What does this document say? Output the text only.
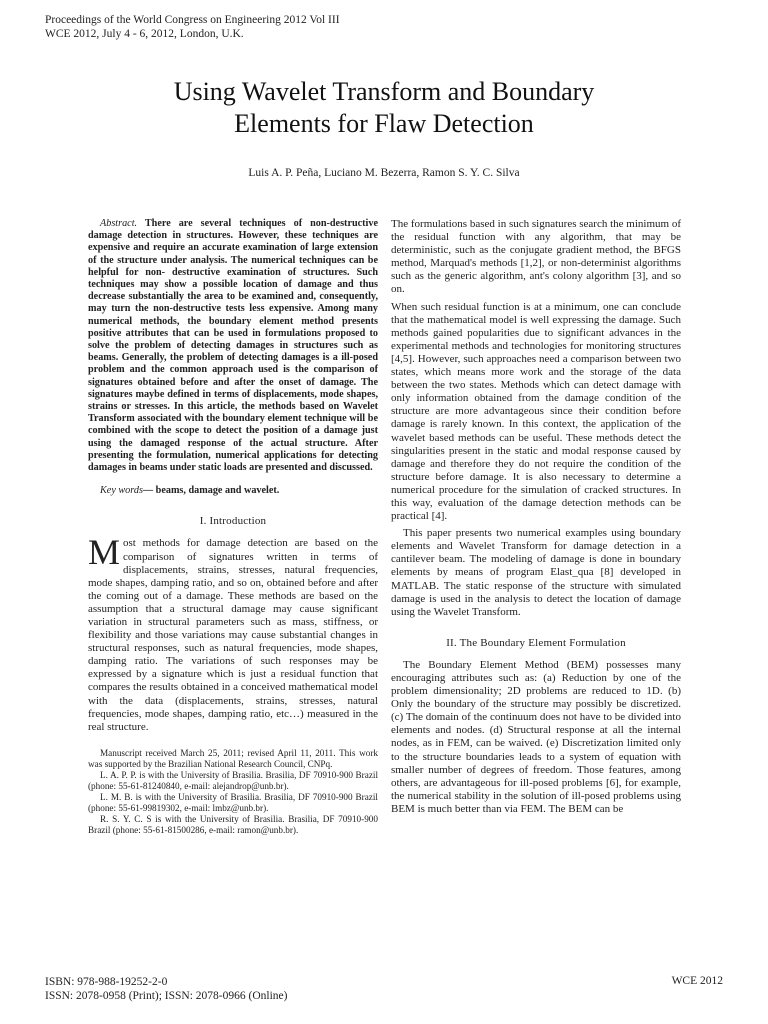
Proceedings of the World Congress on Engineering 2012 Vol III
WCE 2012, July 4 - 6, 2012, London, U.K.
Using Wavelet Transform and Boundary
Elements for Flaw Detection
Luis A. P. Peña, Luciano M. Bezerra, Ramon S. Y. C. Silva

Abstract. There are several techniques of non-destructive damage detection in structures. However, these techniques are expensive and require an accurate examination of large extension of the structure under analysis. The numerical techniques can be helpful for non- destructive examination of structures. Such techniques may show a possible location of damage and thus decrease substantially the area to be examined and, consequently, may turn the non-destructive tests less expensive. Among many numerical methods, the boundary element method presents positive attributes that can be used in formulations proposed to solve the problem of detecting damages in structures such as beams. Generally, the problem of detecting damages is a ill-posed problem and the common approach used is the comparison of signatures obtained before and after the onset of damage. The signatures maybe defined in terms of displacements, mode shapes, strains or stresses. In this article, the methods based on Wavelet Transform associated with the boundary element technique will be combined with the scope to detect the position of a damage just using the damaged response of the actual structure. After presenting the formulation, numerical applications for detecting damages in beams under static loads are presented and discussed.

Key words— beams, damage and wavelet.

I. Introduction

Most methods for damage detection are based on the comparison of signatures written in terms of displacements, strains, stresses, natural frequencies, mode shapes, damping ratio, and so on, obtained before and after the coming out of a damage. These methods are based on the assumption that a structural damage may cause significant variation in structural parameters such as mass, stiffness, or flexibility and those variations may cause substantial changes in structural responses, such as natural frequencies, mode shapes, damping ratio. The variations of such responses may be expressed by a signature which is just a residual function that compares the results obtained in a conceived mathematical model with the data (displacements, strains, stresses, natural frequencies, mode shapes, damping ratio, etc…) measured in the real structure.

Manuscript received March 25, 2011; revised April 11, 2011. This work was supported by the Brazilian National Research Council, CNPq.

L. A. P. P. is with the University of Brasilia. Brasilia, DF 70910-900 Brazil (phone: 55-61-81240840, e-mail: alejandrop@unb.br).

L. M. B. is with the University of Brasilia. Brasilia, DF 70910-900 Brazil (phone: 55-61-99819302, e-mail: lmbz@unb.br).

R. S. Y. C. S is with the University of Brasilia. Brasilia, DF 70910-900 Brazil (phone: 55-61-81500286, e-mail: ramon@unb.br).

The formulations based in such signatures search the minimum of the residual function with any algorithm, that may be deterministic, such as the conjugate gradient method, the BFGS method, Marquad's methods [1,2], or non-determinist algorithms such as the generic algorithm, ant's colony algorithm [3], and so on.

When such residual function is at a minimum, one can conclude that the mathematical model is well expressing the damage. Such methods gained popularities due to significant advances in the experimental methods and technologies for monitoring structures [4,5]. However, such approaches need a comparison between two states, which means more work and the storage of the data between the two states. Methods which can detect damage with only information obtained from the damage condition of the structure are more advantageous since their condition before damage is rarely known. In this context, the application of the wavelet based methods can be useful. These methods detect the singularities present in the static and modal response caused by damage and therefore they do not require the condition of the structure before damage. It is also necessary to determine a numerical procedure for the simulation of cracked structures. In this way, evaluation of the damage detection methods can be practical [4].

This paper presents two numerical examples using boundary elements and Wavelet Transform for damage detection in a cantilever beam. The modeling of damage is done in boundary elements by means of program Elast_qua [8] developed in MATLAB. The static response of the structure with simulated damage is used in the analysis to detect the location of damage using the Wavelet Transform.

II. The Boundary Element Formulation

The Boundary Element Method (BEM) possesses many encouraging attributes such as: (a) Reduction by one of the problem dimensionality; 2D problems are reduced to 1D. (b) Only the boundary of the structure may possibly be discretized. (c) The domain of the continuum does not have to be divided into elements and nodes. (d) Structural response at all the internal nodes, as in FEM, can be waived. (e) Discretization limited only to the structure boundaries leads to a system of equation with smaller number of degrees of freedom. Those features, among others, are advantageous for ill-posed problems [6], for example, the numerical stability in the solution of ill-posed problems using BEM is much better than via FEM. The BEM can be

ISBN: 978-988-19252-2-0
ISSN: 2078-0958 (Print); ISSN: 2078-0966 (Online)
WCE 2012
